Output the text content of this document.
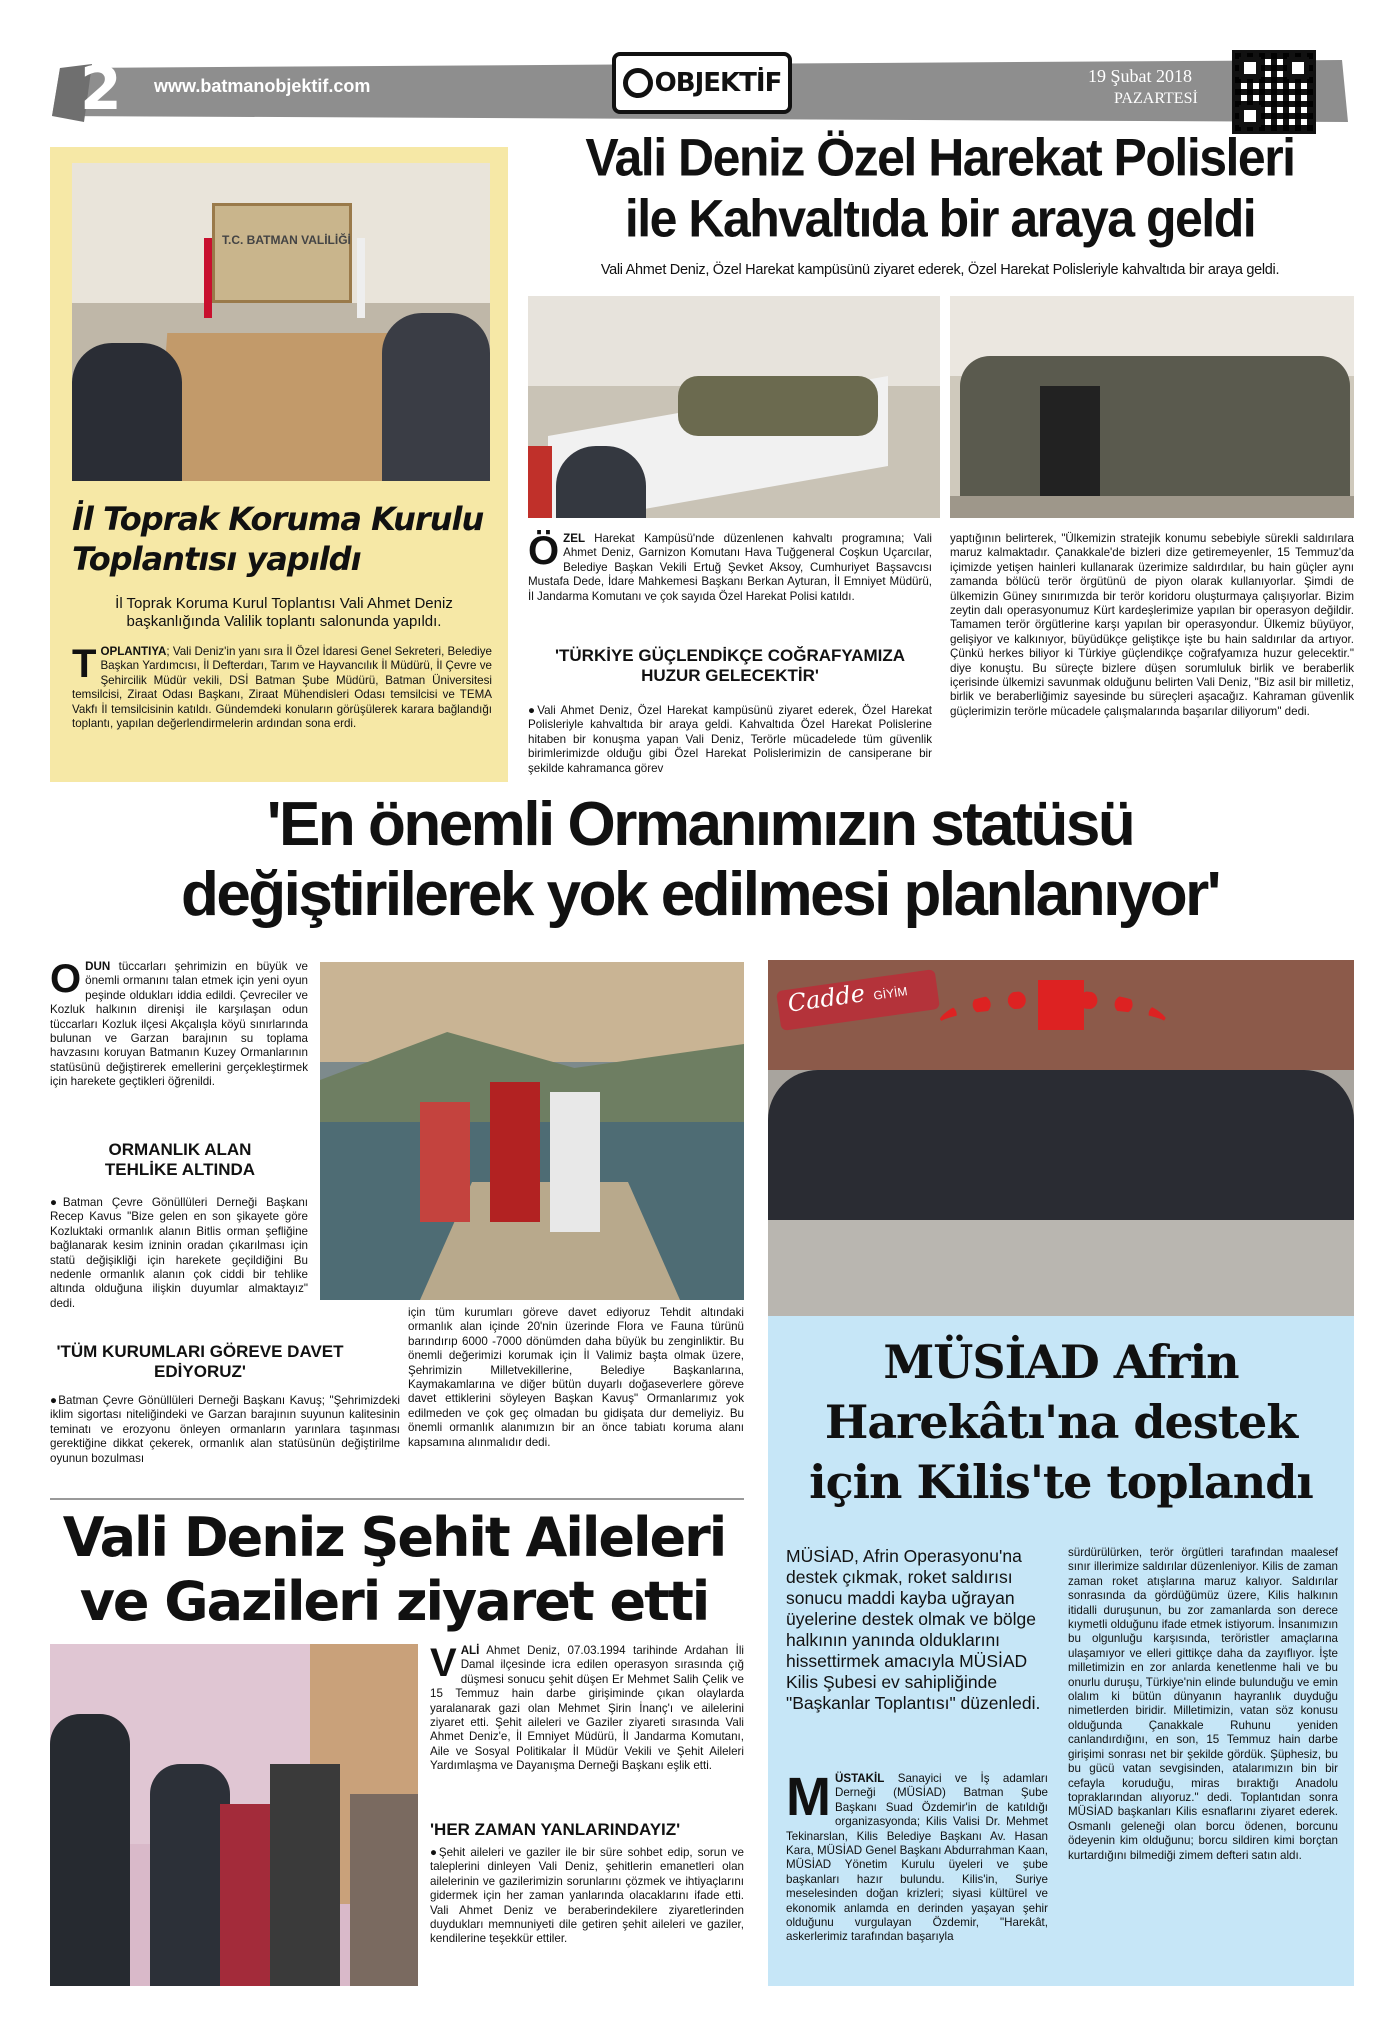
2 www.batmanobjektif.com	OBJEKTİF	19 Şubat 2018
PAZARTESİ
T.C. BATMAN VALİLİĞİ
İl Toprak Koruma Kurulu
Toplantısı yapıldı
İl Toprak Koruma Kurul Toplantısı Vali Ahmet Deniz başkanlığında Valilik toplantı salonunda yapıldı.

TOPLANTIYA; Vali Deniz'in yanı sıra İl Özel İdaresi Genel Sekreteri, Belediye Başkan Yardımcısı, İl Defterdarı, Tarım ve Hayvancılık İl Müdürü, İl Çevre ve Şehircilik Müdür vekili, DSİ Batman Şube Müdürü, Batman Üniversitesi temsilcisi, Ziraat Odası Başkanı, Ziraat Mühendisleri Odası temsilcisi ve TEMA Vakfı İl temsilcisinin katıldı. Gündemdeki konuların görüşülerek karara bağlandığı toplantı, yapılan değerlendirmelerin ardından sona erdi.

Vali Deniz Özel Harekat Polisleri
ile Kahvaltıda bir araya geldi
Vali Ahmet Deniz, Özel Harekat kampüsünü ziyaret ederek, Özel Harekat Polisleriyle kahvaltıda bir araya geldi.

ÖZEL Harekat Kampüsü'nde düzenlenen kahvaltı programına; Vali Ahmet Deniz, Garnizon Komutanı Hava Tuğgeneral Coşkun Uçarcılar, Belediye Başkan Vekili Ertuğ Şevket Aksoy, Cumhuriyet Başsavcısı Mustafa Dede, İdare Mahkemesi Başkanı Berkan Ayturan, İl Emniyet Müdürü, İl Jandarma Komutanı ve çok sayıda Özel Harekat Polisi katıldı.

'TÜRKİYE GÜÇLENDİKÇE COĞRAFYAMIZA HUZUR GELECEKTİR'

● Vali Ahmet Deniz, Özel Harekat kampüsünü ziyaret ederek, Özel Harekat Polisleriyle kahvaltıda bir araya geldi. Kahvaltıda Özel Harekat Polislerine hitaben bir konuşma yapan Vali Deniz, Terörle mücadelede tüm güvenlik birimlerimizde olduğu gibi Özel Harekat Polislerimizin de cansiperane bir şekilde kahramanca görev

yaptığının belirterek, "Ülkemizin stratejik konumu sebebiyle sürekli saldırılara maruz kalmaktadır. Çanakkale'de bizleri dize getiremeyenler, 15 Temmuz'da içimizde yetişen hainleri kullanarak üzerimize saldırdılar, bu hain güçler aynı zamanda bölücü terör örgütünü de piyon olarak kullanıyorlar. Şimdi de ülkemizin Güney sınırımızda bir terör koridoru oluşturmaya çalışıyorlar. Bizim zeytin dalı operasyonumuz Kürt kardeşlerimize yapılan bir operasyon değildir. Tamamen terör örgütlerine karşı yapılan bir operasyondur. Ülkemiz büyüyor, gelişiyor ve kalkınıyor, büyüdükçe geliştikçe işte bu hain saldırılar da artıyor. Çünkü herkes biliyor ki Türkiye güçlendikçe coğrafyamıza huzur gelecektir." diye konuştu. Bu süreçte bizlere düşen sorumluluk birlik ve beraberlik içerisinde ülkemizi savunmak olduğunu belirten Vali Deniz, "Biz asil bir milletiz, birlik ve beraberliğimiz sayesinde bu süreçleri aşacağız. Kahraman güvenlik güçlerimizin terörle mücadele çalışmalarında başarılar diliyorum" dedi.

'En önemli Ormanımızın statüsü
değiştirilerek yok edilmesi planlanıyor'

ODUN tüccarları şehrimizin en büyük ve önemli ormanını talan etmek için yeni oyun peşinde oldukları iddia edildi. Çevreciler ve Kozluk halkının direnişi ile karşılaşan odun tüccarları Kozluk ilçesi Akçalışla köyü sınırlarında bulunan ve Garzan barajının su toplama havzasını koruyan Batmanın Kuzey Ormanlarının statüsünü değiştirerek emellerini gerçekleştirmek için harekete geçtikleri öğrenildi.

ORMANLIK ALAN TEHLİKE ALTINDA

● Batman Çevre Gönüllüleri Derneği Başkanı Recep Kavus "Bize gelen en son şikayete göre Kozluktaki ormanlık alanın Bitlis orman şefliğine bağlanarak kesim izninin oradan çıkarılması için statü değişikliği için harekete geçildiğini Bu nedenle ormanlık alanın çok ciddi bir tehlike altında olduğuna ilişkin duyumlar almaktayız" dedi.

'TÜM KURUMLARI GÖREVE DAVET EDİYORUZ'

● Batman Çevre Gönüllüleri Derneği Başkanı Kavuş; "Şehrimizdeki iklim sigortası niteliğindeki ve Garzan barajının suyunun kalitesinin teminatı ve erozyonu önleyen ormanların yarınlara taşınması gerektiğine dikkat çekerek, ormanlık alan statüsünün değiştirilme oyunun bozulması

için tüm kurumları göreve davet ediyoruz Tehdit altındaki ormanlık alan içinde 20'nin üzerinde Flora ve Fauna türünü barındırıp 6000 -7000 dönümden daha büyük bu zenginliktir. Bu önemli değerimizi korumak için İl Valimiz başta olmak üzere, Şehrimizin Milletvekillerine, Belediye Başkanlarına, Kaymakamlarına ve diğer bütün duyarlı doğaseverlere göreve davet ettiklerini söyleyen Başkan Kavuş" Ormanlarımız yok edilmeden ve çok geç olmadan bu gidişata dur demeliyiz. Bu önemli ormanlık alanımızın bir an önce tabiatı koruma alanı kapsamına alınmalıdır dedi.

Vali Deniz Şehit Aileleri
ve Gazileri ziyaret etti

VALİ Ahmet Deniz, 07.03.1994 tarihinde Ardahan İli Damal ilçesinde icra edilen operasyon sırasında çığ düşmesi sonucu şehit düşen Er Mehmet Salih Çelik ve 15 Temmuz hain darbe girişiminde çıkan olaylarda yaralanarak gazi olan Mehmet Şirin İnanç'ı ve ailelerini ziyaret etti. Şehit aileleri ve Gaziler ziyareti sırasında Vali Ahmet Deniz'e, İl Emniyet Müdürü, İl Jandarma Komutanı, Aile ve Sosyal Politikalar İl Müdür Vekili ve Şehit Aileleri Yardımlaşma ve Dayanışma Derneği Başkanı eşlik etti.

'HER ZAMAN YANLARINDAYIZ'

● Şehit aileleri ve gaziler ile bir süre sohbet edip, sorun ve taleplerini dinleyen Vali Deniz, şehitlerin emanetleri olan ailelerinin ve gazilerimizin sorunlarını çözmek ve ihtiyaçlarını gidermek için her zaman yanlarında olacaklarını ifade etti. Vali Ahmet Deniz ve beraberindekilere ziyaretlerinden duydukları memnuniyeti dile getiren şehit aileleri ve gaziler, kendilerine teşekkür ettiler.

Cadde GİYİM
MÜSİAD Afrin
Harekâtı'na destek
için Kilis'te toplandı
MÜSİAD, Afrin Operasyonu'na destek çıkmak, roket saldırısı sonucu maddi kayba uğrayan üyelerine destek olmak ve bölge halkının yanında olduklarını hissettirmek amacıyla MÜSİAD Kilis Şubesi ev sahipliğinde "Başkanlar Toplantısı" düzenledi.

MÜSTAKİL Sanayici ve İş adamları Derneği (MÜSİAD) Batman Şube Başkanı Suad Özdemir'in de katıldığı organizasyonda; Kilis Valisi Dr. Mehmet Tekinarslan, Kilis Belediye Başkanı Av. Hasan Kara, MÜSİAD Genel Başkanı Abdurrahman Kaan, MÜSİAD Yönetim Kurulu üyeleri ve şube başkanları hazır bulundu. Kilis'in, Suriye meselesinden doğan krizleri; siyasi kültürel ve ekonomik anlamda en derinden yaşayan şehir olduğunu vurgulayan Özdemir, "Harekât, askerlerimiz tarafından başarıyla

sürdürülürken, terör örgütleri tarafından maalesef sınır illerimize saldırılar düzenleniyor. Kilis de zaman zaman roket atışlarına maruz kalıyor. Saldırılar sonrasında da gördüğümüz üzere, Kilis halkının itidalli duruşunun, bu zor zamanlarda son derece kıymetli olduğunu ifade etmek istiyorum. İnsanımızın bu olgunluğu karşısında, teröristler amaçlarına ulaşamıyor ve elleri gittikçe daha da zayıflıyor. İşte milletimizin en zor anlarda kenetlenme hali ve bu onurlu duruşu, Türkiye'nin elinde bulunduğu ve emin olalım ki bütün dünyanın hayranlık duyduğu nimetlerden biridir. Milletimizin, vatan söz konusu olduğunda Çanakkale Ruhunu yeniden canlandırdığını, en son, 15 Temmuz hain darbe girişimi sonrası net bir şekilde gördük. Şüphesiz, bu bu gücü vatan sevgisinden, atalarımızın bin bir cefayla koruduğu, miras bıraktığı Anadolu topraklarından alıyoruz." dedi. Toplantıdan sonra MÜSİAD başkanları Kilis esnaflarını ziyaret ederek. Osmanlı geleneği olan borcu ödenen, borcunu ödeyenin kim olduğunu; borcu sildiren kimi borçtan kurtardığını bilmediği zimem defteri satın aldı.
